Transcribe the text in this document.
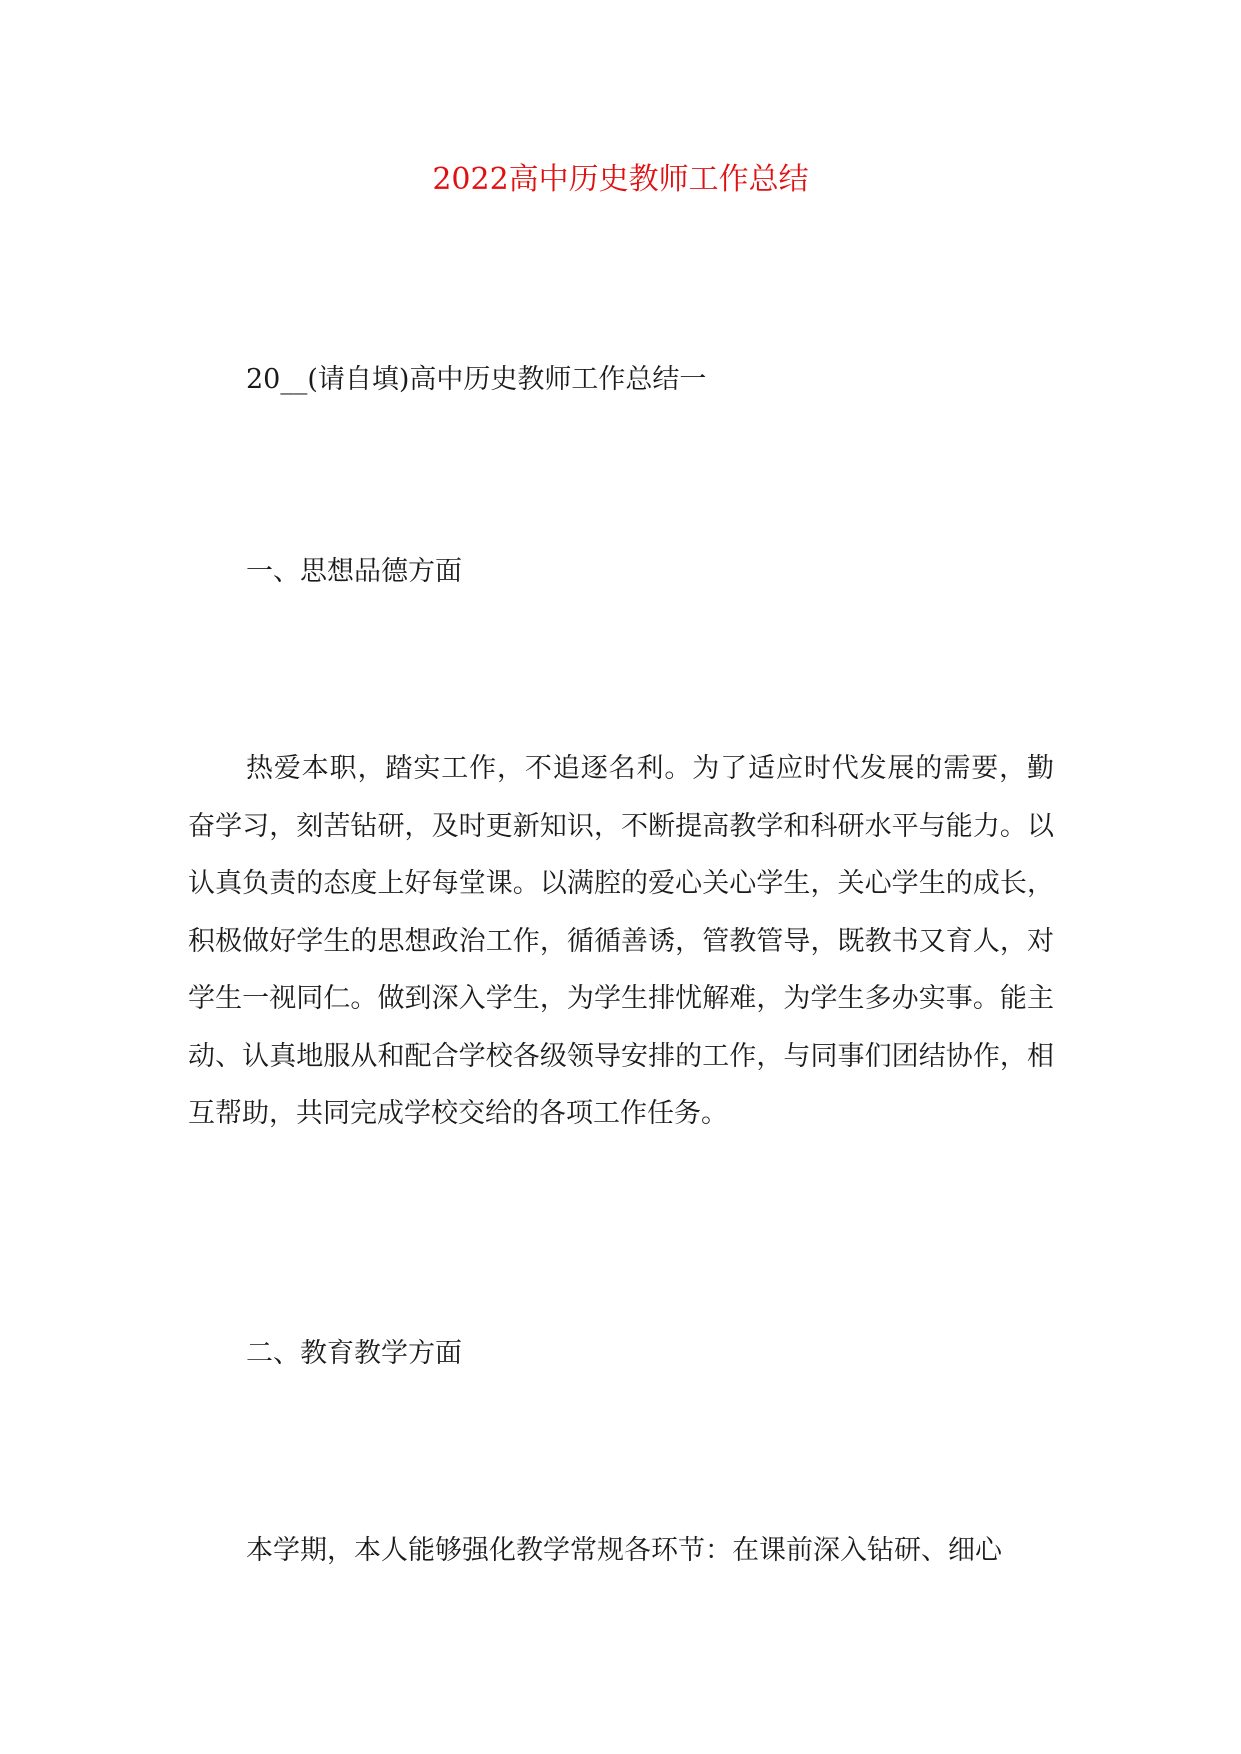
2022高中历史教师工作总结

20__(请自填)高中历史教师工作总结一

一、思想品德方面

热爱本职，踏实工作，不追逐名利。为了适应时代发展的需要，勤奋学习，刻苦钻研，及时更新知识，不断提高教学和科研水平与能力。以认真负责的态度上好每堂课。以满腔的爱心关心学生，关心学生的成长，积极做好学生的思想政治工作，循循善诱，管教管导，既教书又育人，对学生一视同仁。做到深入学生，为学生排忧解难，为学生多办实事。能主动、认真地服从和配合学校各级领导安排的工作，与同事们团结协作，相互帮助，共同完成学校交给的各项工作任务。

二、教育教学方面

本学期，本人能够强化教学常规各环节：在课前深入钻研、细心
